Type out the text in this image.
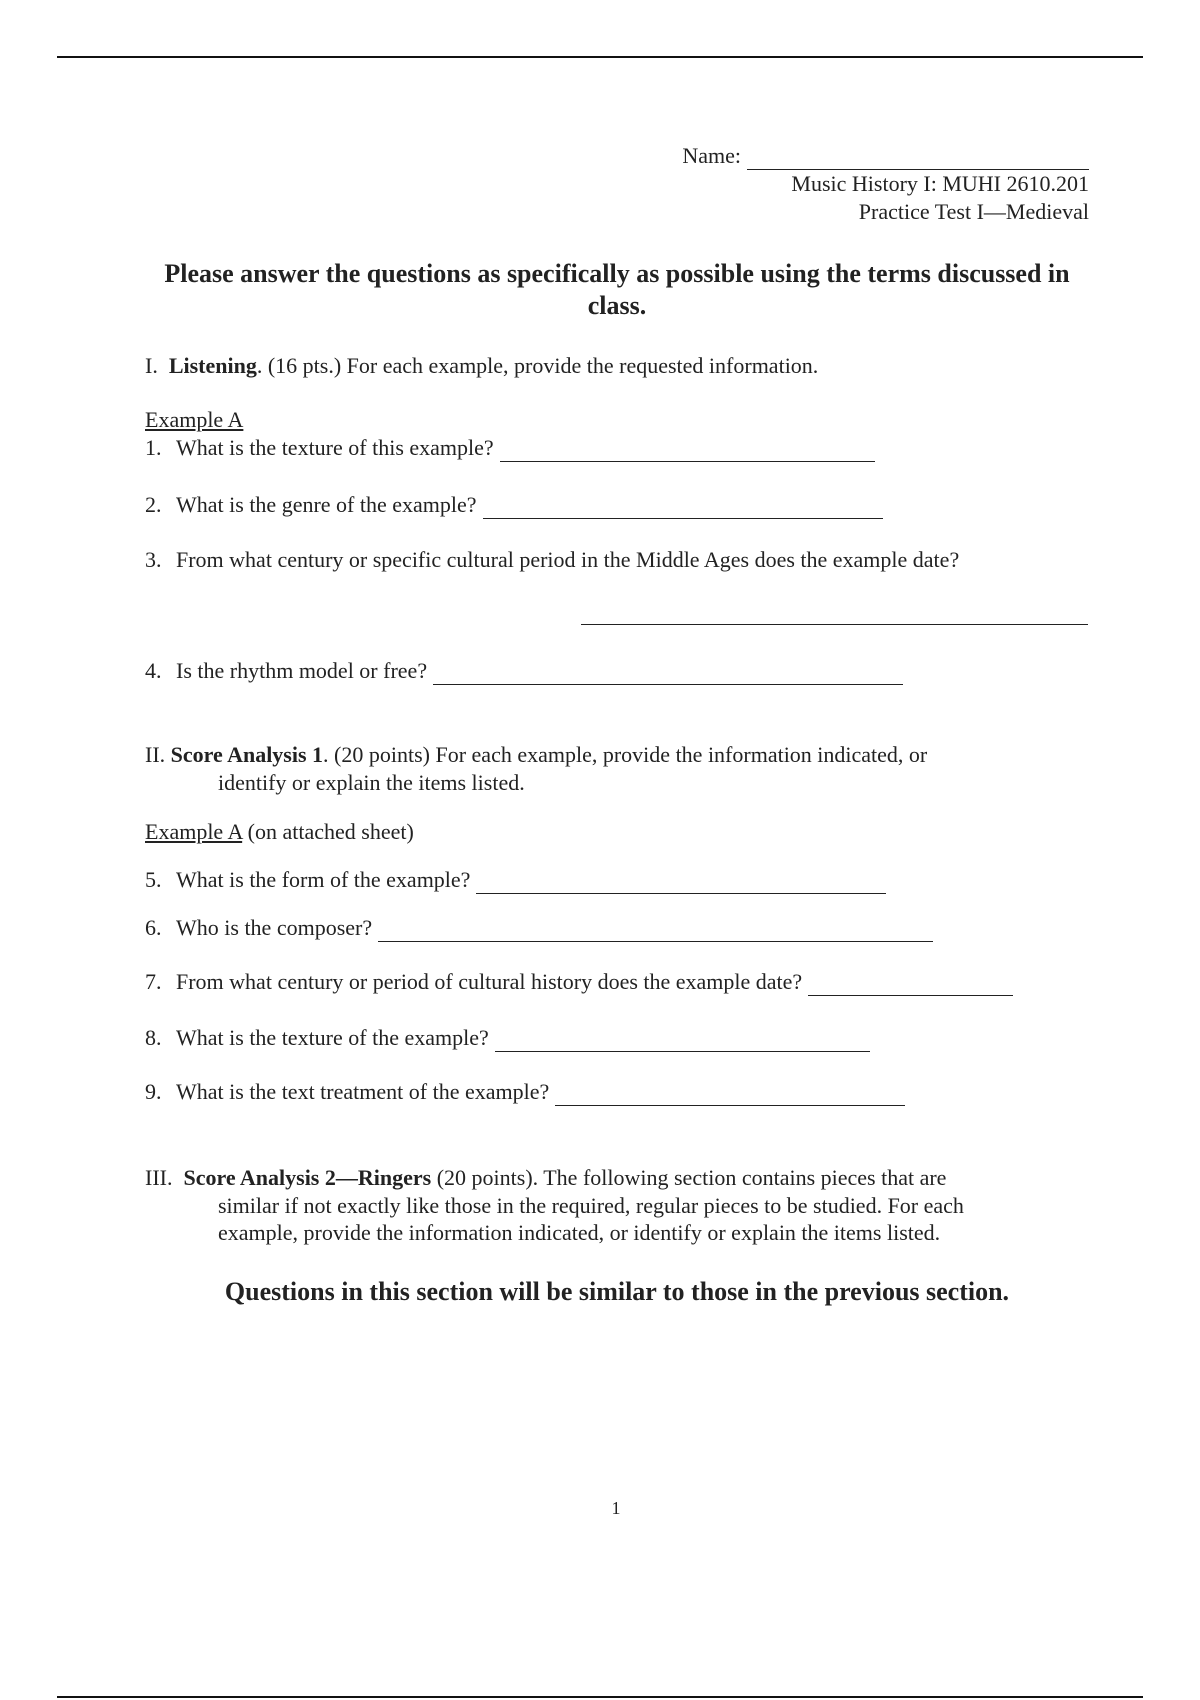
Name:
Music History I: MUHI 2610.201
Practice Test I—Medieval
Please answer the questions as specifically as possible using the terms discussed in class.
I. Listening. (16 pts.) For each example, provide the requested information.
Example A
1. What is the texture of this example?
2. What is the genre of the example?
3. From what century or specific cultural period in the Middle Ages does the example date?
4. Is the rhythm model or free?
II. Score Analysis 1. (20 points) For each example, provide the information indicated, or
identify or explain the items listed.
Example A (on attached sheet)
5. What is the form of the example?
6. Who is the composer?
7. From what century or period of cultural history does the example date?
8. What is the texture of the example?
9. What is the text treatment of the example?
III. Score Analysis 2—Ringers (20 points). The following section contains pieces that are
similar if not exactly like those in the required, regular pieces to be studied. For each
example, provide the information indicated, or identify or explain the items listed.
Questions in this section will be similar to those in the previous section.
1
